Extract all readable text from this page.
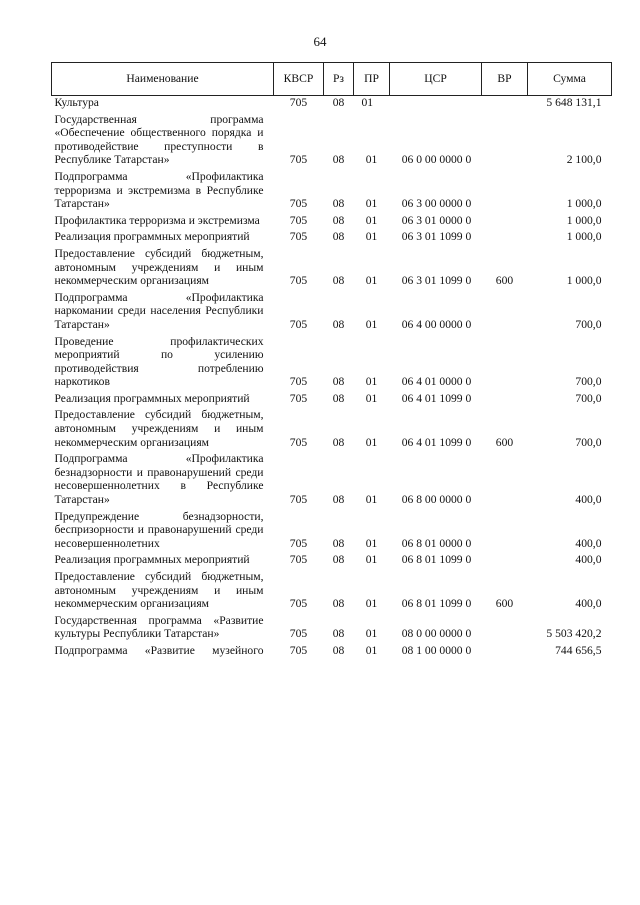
64
Наименование	КВСР	Рз	ПР	ЦСР	ВР	Сумма
Культура	705	08	01			5 648 131,1
Государственная программа «Обеспечение общественного порядка и противодействие преступности в Республике Татарстан»	705	08	01	06 0 00 0000 0		2 100,0
Подпрограмма «Профилактика терроризма и экстремизма в Республике Татарстан»	705	08	01	06 3 00 0000 0		1 000,0
Профилактика терроризма и экстремизма	705	08	01	06 3 01 0000 0		1 000,0
Реализация программных мероприятий	705	08	01	06 3 01 1099 0		1 000,0
Предоставление субсидий бюджетным, автономным учреждениям и иным некоммерческим организациям	705	08	01	06 3 01 1099 0	600	1 000,0
Подпрограмма «Профилактика наркомании среди населения Республики Татарстан»	705	08	01	06 4 00 0000 0		700,0
Проведение профилактических мероприятий по усилению противодействия потреблению наркотиков	705	08	01	06 4 01 0000 0		700,0
Реализация программных мероприятий	705	08	01	06 4 01 1099 0		700,0
Предоставление субсидий бюджетным, автономным учреждениям и иным некоммерческим организациям	705	08	01	06 4 01 1099 0	600	700,0
Подпрограмма «Профилактика безнадзорности и правонарушений среди несовершеннолетних в Республике Татарстан»	705	08	01	06 8 00 0000 0		400,0
Предупреждение безнадзорности, беспризорности и правонарушений среди несовершеннолетних	705	08	01	06 8 01 0000 0		400,0
Реализация программных мероприятий	705	08	01	06 8 01 1099 0		400,0
Предоставление субсидий бюджетным, автономным учреждениям и иным некоммерческим организациям	705	08	01	06 8 01 1099 0	600	400,0
Государственная программа «Развитие культуры Республики Татарстан»	705	08	01	08 0 00 0000 0		5 503 420,2
Подпрограмма «Развитие музейного	705	08	01	08 1 00 0000 0		744 656,5
